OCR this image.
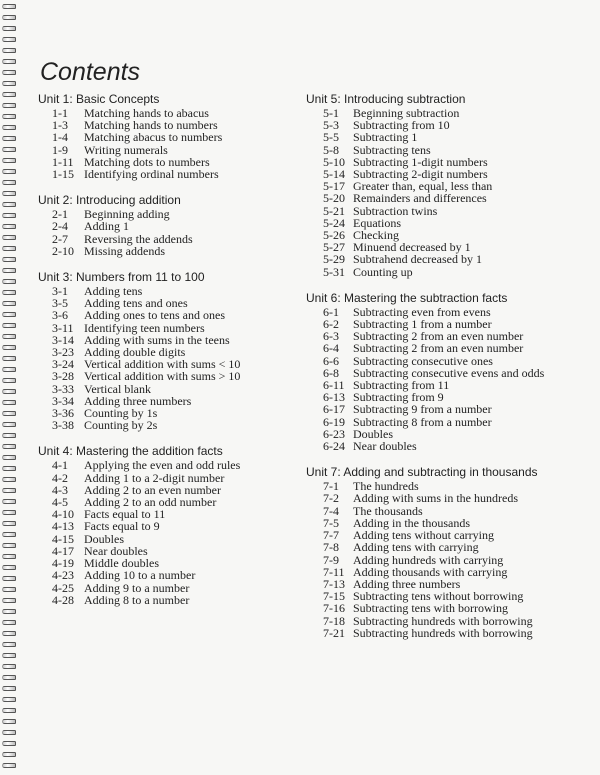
Contents
Unit 1: Basic Concepts
1-1	Matching hands to abacus
1-3	Matching hands to numbers
1-4	Matching abacus to numbers
1-9	Writing numerals
1-11 Matching dots to numbers
1-15 Identifying ordinal numbers
Unit 2: Introducing addition
2-1	Beginning adding
2-4	Adding 1
2-7	Reversing the addends
2-10 Missing addends
Unit 3: Numbers from 11 to 100
3-1	Adding tens
3-5	Adding tens and ones
3-6	Adding ones to tens and ones
3-11 Identifying teen numbers
3-14 Adding with sums in the teens
3-23 Adding double digits
3-24 Vertical addition with sums < 10
3-28 Vertical addition with sums > 10
3-33 Vertical blank
3-34 Adding three numbers
3-36 Counting by 1s
3-38 Counting by 2s
Unit 4: Mastering the addition facts
4-1	Applying the even and odd rules
4-2	Adding 1 to a 2-digit number
4-3	Adding 2 to an even number
4-5	Adding 2 to an odd number
4-10 Facts equal to 11
4-13 Facts equal to 9
4-15 Doubles
4-17 Near doubles
4-19 Middle doubles
4-23 Adding 10 to a number
4-25 Adding 9 to a number
4-28 Adding 8 to a number
Unit 5: Introducing subtraction
5-1	Beginning subtraction
5-3	Subtracting from 10
5-5	Subtracting 1
5-8	Subtracting tens
5-10 Subtracting 1-digit numbers
5-14 Subtracting 2-digit numbers
5-17 Greater than, equal, less than
5-20 Remainders and differences
5-21 Subtraction twins
5-24 Equations
5-26 Checking
5-27 Minuend decreased by 1
5-29 Subtrahend decreased by 1
5-31 Counting up
Unit 6: Mastering the subtraction facts
6-1	Subtracting even from evens
6-2	Subtracting 1 from a number
6-3	Subtracting 2 from an even number
6-4	Subtracting 2 from an even number
6-6	Subtracting consecutive ones
6-8	Subtracting consecutive evens and odds
6-11 Subtracting from 11
6-13 Subtracting from 9
6-17 Subtracting 9 from a number
6-19 Subtracting 8 from a number
6-23 Doubles
6-24 Near doubles
Unit 7: Adding and subtracting in thousands
7-1	The hundreds
7-2	Adding with sums in the hundreds
7-4	The thousands
7-5	Adding in the thousands
7-7	Adding tens without carrying
7-8	Adding tens with carrying
7-9	Adding hundreds with carrying
7-11 Adding thousands with carrying
7-13 Adding three numbers
7-15 Subtracting tens without borrowing
7-16 Subtracting tens with borrowing
7-18 Subtracting hundreds with borrowing
7-21 Subtracting hundreds with borrowing
